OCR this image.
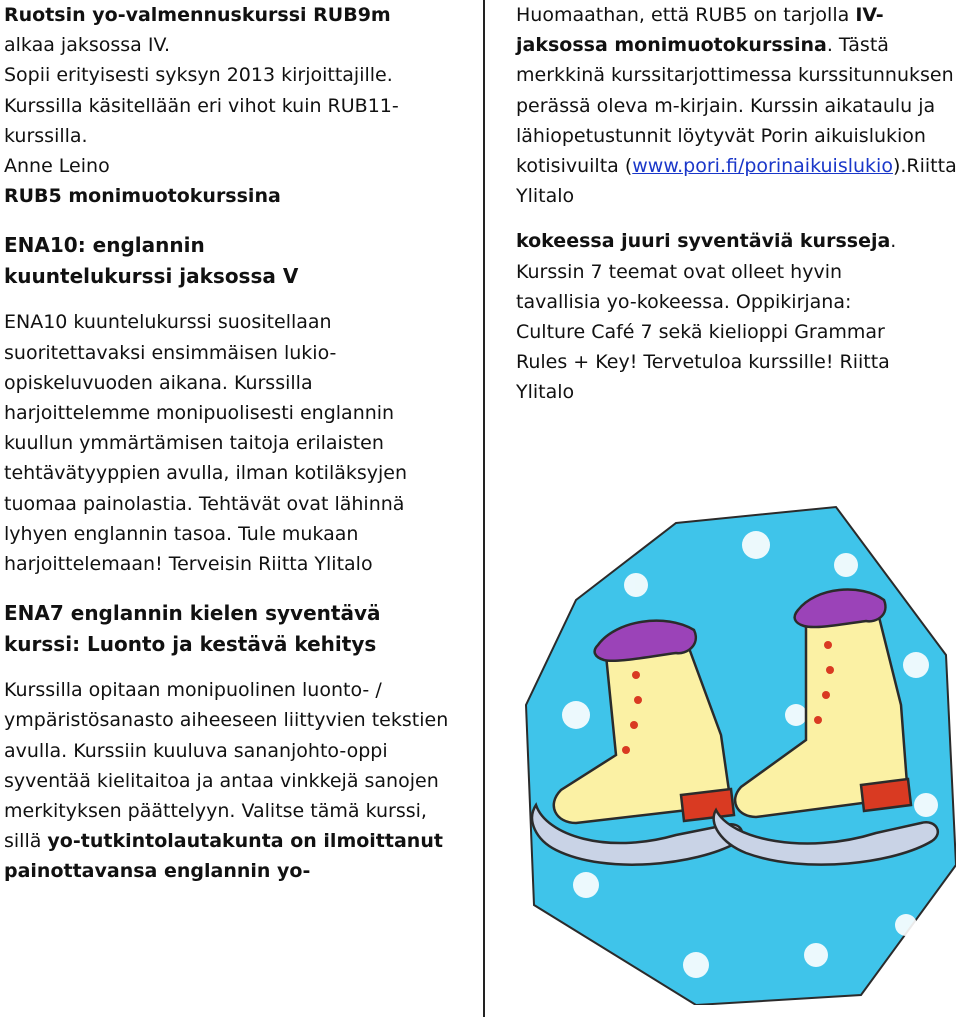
Ruotsin yo-valmennuskurssi RUB9m

alkaa jaksossa IV.

Sopii erityisesti syksyn 2013 kirjoittajille.

Kurssilla käsitellään eri vihot kuin RUB11-

kurssilla.

Anne Leino

RUB5 monimuotokurssina

ENA10: englannin kuuntelukurssi jaksossa V

ENA10 kuuntelukurssi suositellaan suoritettavaksi ensimmäisen lukio-opiskeluvuoden aikana. Kurssilla harjoittelemme monipuolisesti englannin kuullun ymmärtämisen taitoja erilaisten tehtävätyyppien avulla, ilman kotiläksyjen tuomaa painolastia. Tehtävät ovat lähinnä lyhyen englannin tasoa. Tule mukaan harjoittelemaan! Terveisin Riitta Ylitalo

ENA7 englannin kielen syventävä kurssi: Luonto ja kestävä kehitys

Kurssilla opitaan monipuolinen luonto- / ympäristösanasto aiheeseen liittyvien tekstien avulla. Kurssiin kuuluva sananjohto-oppi syventää kielitaitoa ja antaa vinkkejä sanojen merkityksen päättelyyn. Valitse tämä kurssi, sillä yo-tutkintolautakunta on ilmoittanut painottavansa englannin yo-

Huomaathan, että RUB5 on tarjolla IV-jaksossa monimuotokurssina. Tästä merkkinä kurssitarjottimessa kurssitunnuksen perässä oleva m-kirjain. Kurssin aikataulu ja lähiopetustunnit löytyvät Porin aikuislukion kotisivuilta (www.pori.fi/porinaikuislukio).Riitta Ylitalo

kokeessa juuri syventäviä kursseja. Kurssin 7 teemat ovat olleet hyvin tavallisia yo-kokeessa. Oppikirjana: Culture Café 7 sekä kielioppi Grammar Rules + Key! Tervetuloa kurssille! Riitta Ylitalo
